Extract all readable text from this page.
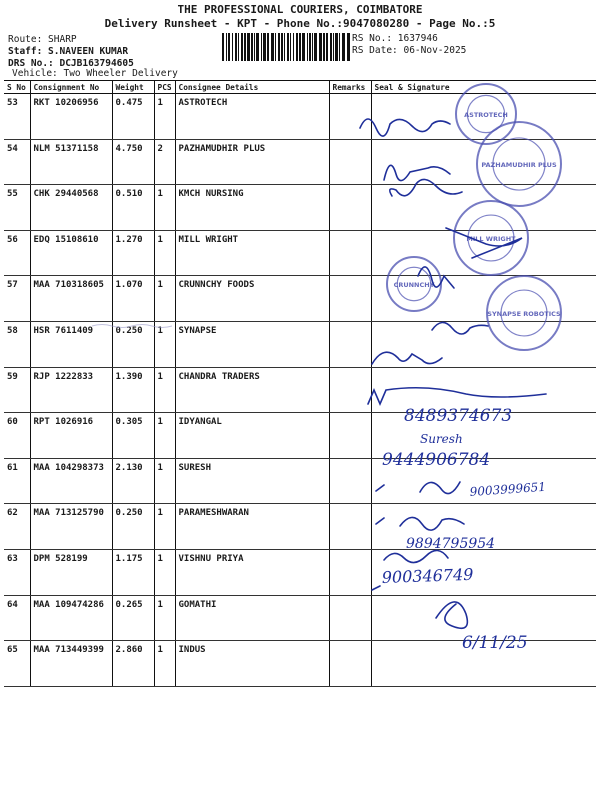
THE PROFESSIONAL COURIERS, COIMBATORE
Delivery Runsheet - KPT - Phone No.:9047080280 - Page No.:5
Route: SHARP
Staff: S.NAVEEN KUMAR
DRS No.: DCJB163794605
Vehicle: Two Wheeler Delivery
RS No.: 1637946
RS Date: 06-Nov-2025
S No	Consignment No	Weight	PCS	Consignee Details	Remarks	Seal & Signature
53	RKT 10206956	0.475	1	ASTROTECH		
54	NLM 51371158	4.750	2	PAZHAMUDHIR PLUS		
55	CHK 29440568	0.510	1	KMCH NURSING		
56	EDQ 15108610	1.270	1	MILL WRIGHT		
57	MAA 710318605	1.070	1	CRUNNCHY FOODS		
58	HSR 7611409	0.250	1	SYNAPSE		
59	RJP 1222833	1.390	1	CHANDRA TRADERS		
60	RPT 1026916	0.305	1	IDYANGAL		
61	MAA 104298373	2.130	1	SURESH		
62	MAA 713125790	0.250	1	PARAMESHWARAN		
63	DPM 528199	1.175	1	VISHNU PRIYA		
64	MAA 109474286	0.265	1	GOMATHI		
65	MAA 713449399	2.860	1	INDUS		
ASTROTECH
PAZHAMUDHIR PLUS
MILL WRIGHT
CRUNNCHY
SYNAPSE ROBOTICS
8489374673
Suresh
9444906784
9003999651
9894795954
900346749
6/11/25
